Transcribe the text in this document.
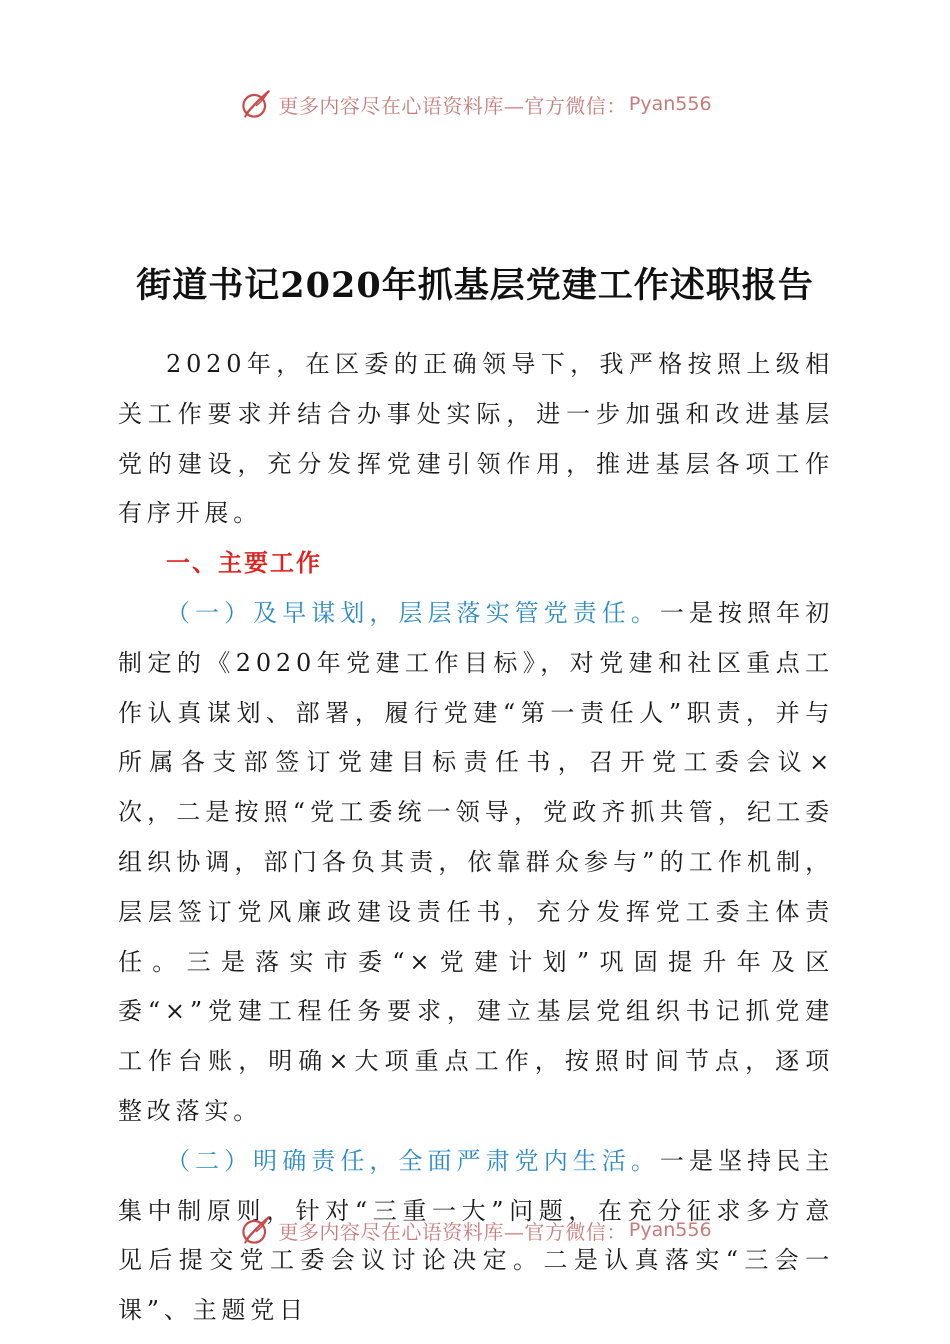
更多内容尽在心语资料库—官方微信： Pyan556
街道书记2020年抓基层党建工作述职报告

2020年，在区委的正确领导下，我严格按照上级相关工作要求并结合办事处实际，进一步加强和改进基层党的建设，充分发挥党建引领作用，推进基层各项工作有序开展。

一、主要工作

（一）及早谋划，层层落实管党责任。一是按照年初制定的《2020年党建工作目标》，对党建和社区重点工作认真谋划、部署，履行党建“第一责任人”职责，并与所属各支部签订党建目标责任书，召开党工委会议×次，二是按照“党工委统一领导，党政齐抓共管，纪工委组织协调，部门各负其责，依靠群众参与”的工作机制，层层签订党风廉政建设责任书，充分发挥党工委主体责任。三是落实市委“×党建计划”巩固提升年及区委“×”党建工程任务要求，建立基层党组织书记抓党建工作台账，明确×大项重点工作，按照时间节点，逐项整改落实。

（二）明确责任，全面严肃党内生活。一是坚持民主集中制原则，针对“三重一大”问题，在充分征求多方意见后提交党工委会议讨论决定。二是认真落实“三会一课”、主题党日

更多内容尽在心语资料库—官方微信： Pyan556
